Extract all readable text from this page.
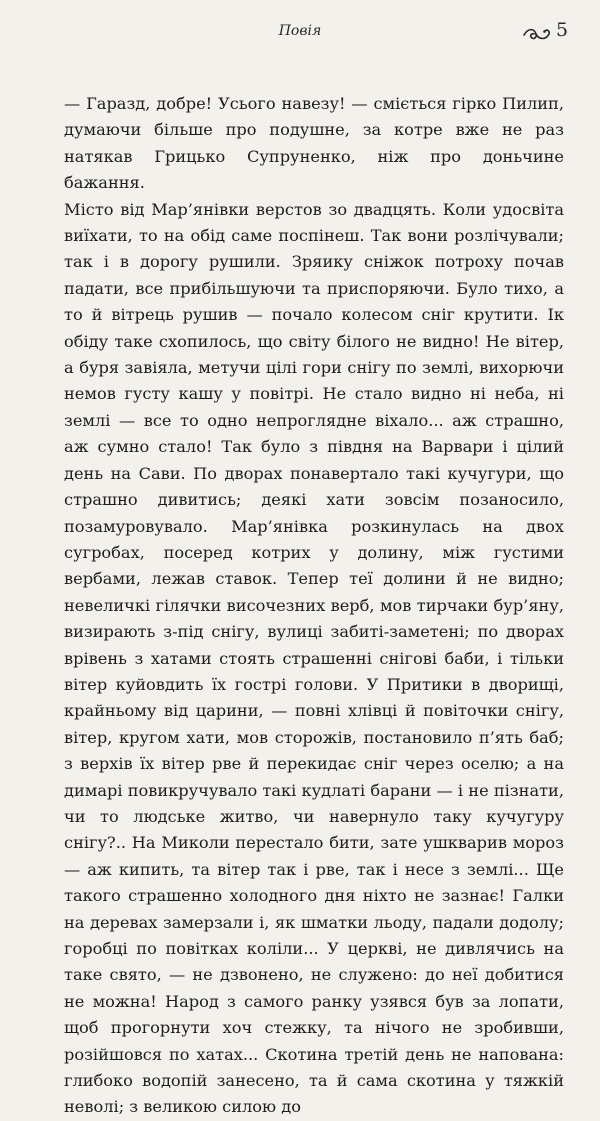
Повія	5

— Гаразд, добре! Усього навезу! — сміється гірко Пилип, думаючи більше про подушне, за котре вже не раз натякав Грицько Супруненко, ніж про доньчине бажання.

Місто від Мар’янівки верстов зо двадцять. Коли удосвіта виїхати, то на обід саме поспінеш. Так вони розлічували; так і в дорогу рушили. Зряику сніжок потроху почав падати, все прибільшуючи та приспоряючи. Було тихо, а то й вітрець рушив — почало колесом сніг крутити. Ік обіду таке схопилось, що світу білого не видно! Не вітер, а буря завіяла, метучи цілі гори снігу по землі, вихорючи немов густу кашу у повітрі. Не стало видно ні неба, ні землі — все то одно непроглядне віхало... аж страшно, аж сумно стало! Так було з півдня на Варвари і цілий день на Сави. По дворах понавертало такі кучугури, що страшно дивитись; деякі хати зовсім позаносило, позамуровувало. Мар’янівка розкинулась на двох сугробах, посеред котрих у долину, між густими вербами, лежав ставок. Тепер теї долини й не видно; невеличкі гілячки височезних верб, мов тирчаки бур’яну, визирають з-під снігу, вулиці забиті-заметені; по дворах врівень з хатами стоять страшенні снігові баби, і тільки вітер куйовдить їх гострі голови. У Притики в дворищі, крайньому від царини, — повні хлівці й повіточки снігу, вітер, кругом хати, мов сторожів, постановило п’ять баб; з верхів їх вітер рве й перекидає сніг через оселю; а на димарі повикручувало такі кудлаті барани — і не пізнати, чи то людське житво, чи навернуло таку кучугуру снігу?.. На Миколи перестало бити, зате ушкварив мороз — аж кипить, та вітер так і рве, так і несе з землі... Ще такого страшенно холодного дня ніхто не зазнає! Галки на деревах замерзали і, як шматки льоду, падали додолу; горобці по повітках коліли... У церкві, не дивлячись на таке свято, — не дзвонено, не служено: до неї добитися не можна! Народ з самого ранку узявся був за лопати, щоб прогорнути хоч стежку, та нічого не зробивши, розійшовся по хатах... Скотина третій день не напована: глибоко водопій занесено, та й сама скотина у тяжкій неволі; з великою силою до
